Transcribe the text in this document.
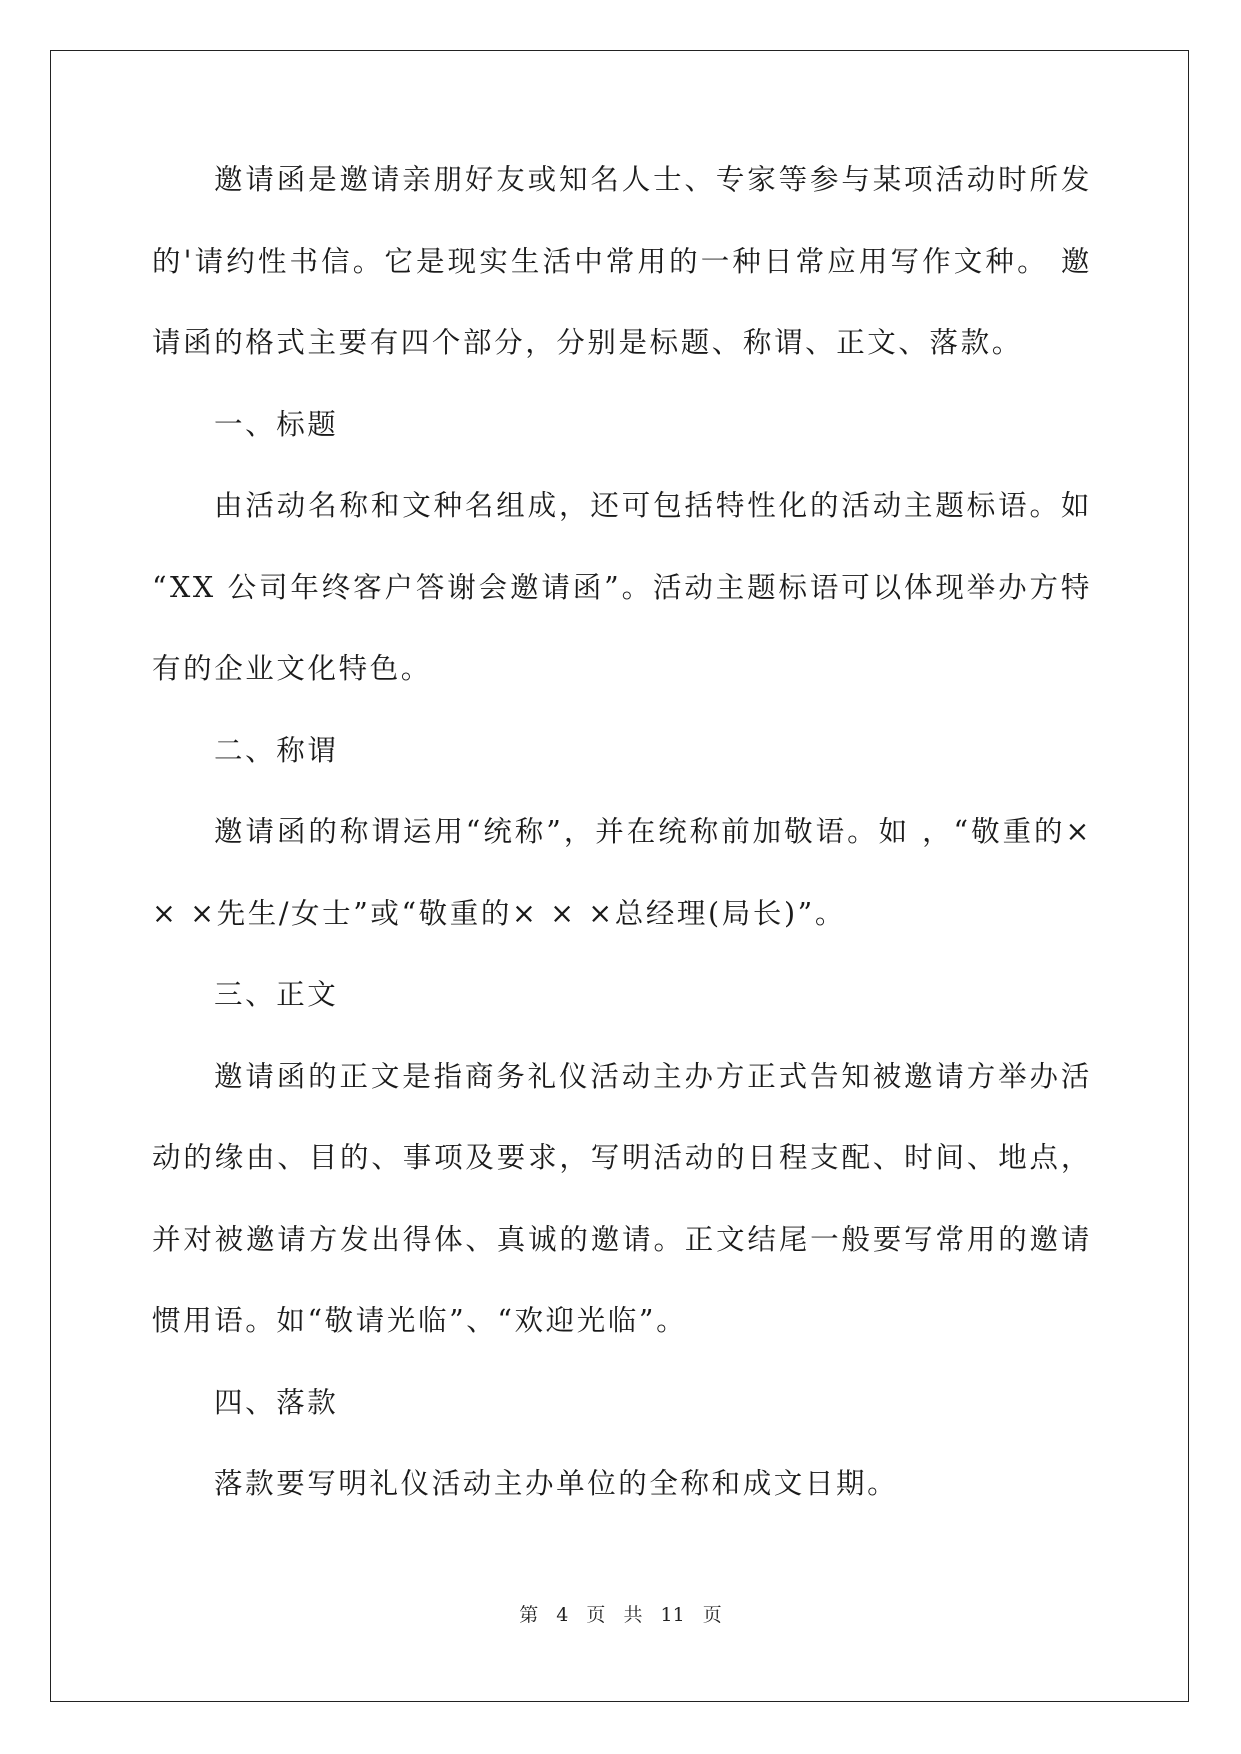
邀请函是邀请亲朋好友或知名人士、专家等参与某项活动时所发
的'请约性书信。它是现实生活中常用的一种日常应用写作文种。 邀
请函的格式主要有四个部分，分别是标题、称谓、正文、落款。
一、标题
由活动名称和文种名组成，还可包括特性化的活动主题标语。如
“XX 公司年终客户答谢会邀请函”。活动主题标语可以体现举办方特
有的企业文化特色。
二、称谓
邀请函的称谓运用“统称”，并在统称前加敬语。如 ，“敬重的×
× ×先生/女士”或“敬重的× × ×总经理(局长)”。
三、正文
邀请函的正文是指商务礼仪活动主办方正式告知被邀请方举办活
动的缘由、目的、事项及要求，写明活动的日程支配、时间、地点，
并对被邀请方发出得体、真诚的邀请。正文结尾一般要写常用的邀请
惯用语。如“敬请光临”、“欢迎光临”。
四、落款
落款要写明礼仪活动主办单位的全称和成文日期。
第 4 页 共 11 页
